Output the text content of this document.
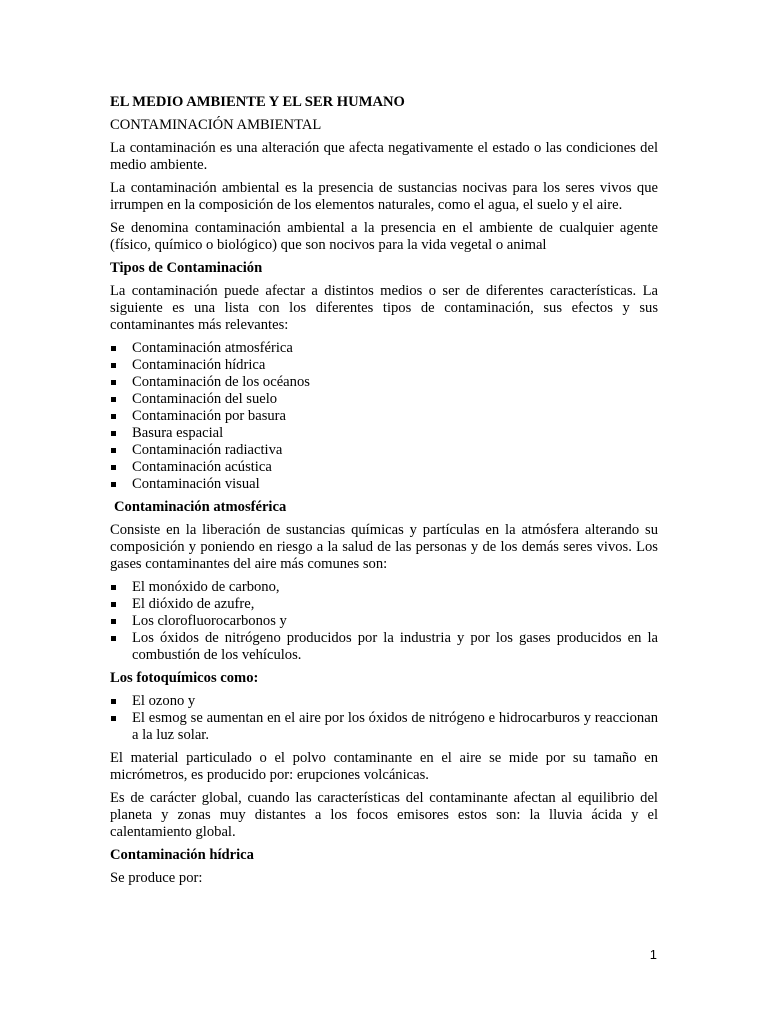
EL MEDIO AMBIENTE Y EL SER HUMANO
CONTAMINACIÓN AMBIENTAL

La contaminación es una alteración que afecta negativamente el estado o las condiciones del medio ambiente.

La contaminación ambiental es la presencia de sustancias nocivas para los seres vivos que irrumpen en la composición de los elementos naturales, como el agua, el suelo y el aire.

Se denomina contaminación ambiental a la presencia en el ambiente de cualquier agente (físico, químico o biológico) que son nocivos para la vida vegetal o animal

Tipos de Contaminación

La contaminación puede afectar a distintos medios o ser de diferentes características. La siguiente es una lista con los diferentes tipos de contaminación, sus efectos y sus contaminantes más relevantes:

Contaminación atmosférica
Contaminación hídrica
Contaminación de los océanos
Contaminación del suelo
Contaminación por basura
Basura espacial
Contaminación radiactiva
Contaminación acústica
Contaminación visual
Contaminación atmosférica

Consiste en la liberación de sustancias químicas y partículas en la atmósfera alterando su composición y poniendo en riesgo a la salud de las personas y de los demás seres vivos. Los gases contaminantes del aire más comunes son:

El monóxido de carbono,
El dióxido de azufre,
Los clorofluorocarbonos y
Los óxidos de nitrógeno producidos por la industria y por los gases producidos en la combustión de los vehículos.
Los fotoquímicos como:
El ozono y
El esmog se aumentan en el aire por los óxidos de nitrógeno e hidrocarburos y reaccionan a la luz solar.

El material particulado o el polvo contaminante en el aire se mide por su tamaño en micrómetros, es producido por: erupciones volcánicas.

Es de carácter global, cuando las características del contaminante afectan al equilibrio del planeta y zonas muy distantes a los focos emisores estos son: la lluvia ácida y el calentamiento global.

Contaminación hídrica

Se produce por:

1
